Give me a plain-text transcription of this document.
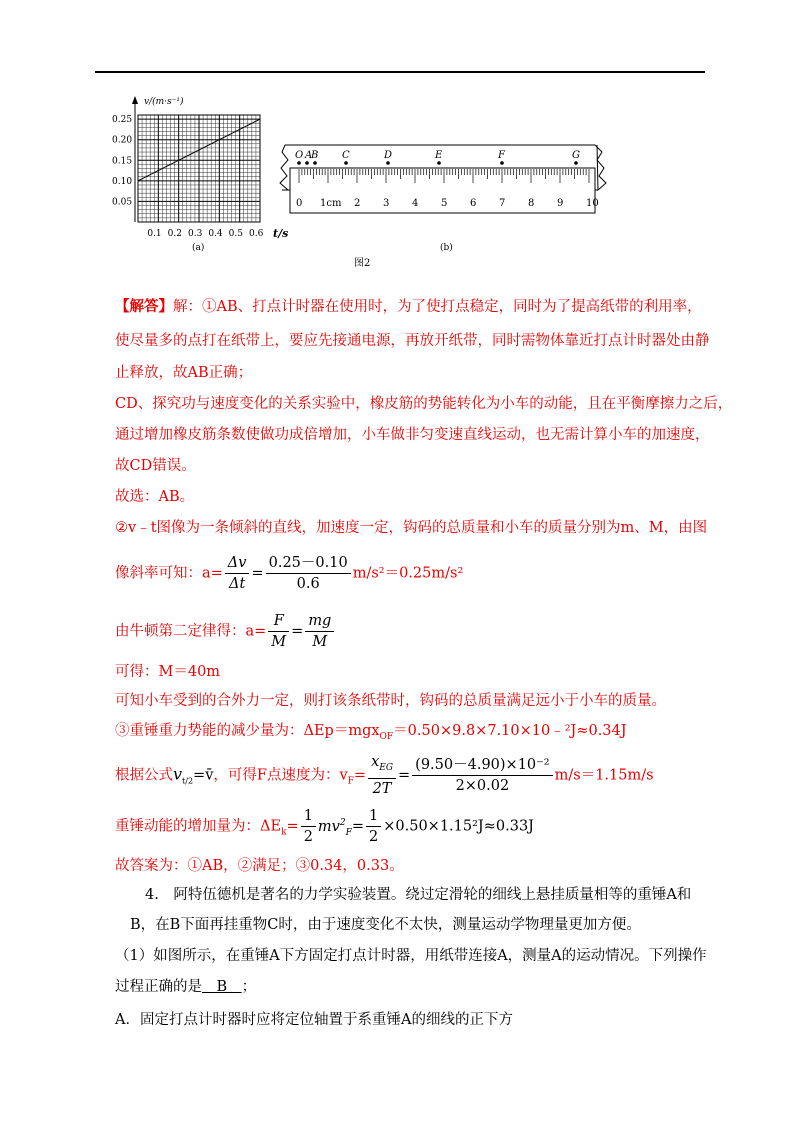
0.25
0.20
0.15
0.10
0.05
0.1 0.2 0.3 0.4 0.5 0.6
v/(m·s⁻¹)
t/s
(a)
0 1cm 2 3 4 5 6 7 8 9 10
O A
B C	D	E	F	G
(b)
图2
【解答】解：①AB、打点计时器在使用时，为了使打点稳定，同时为了提高纸带的利用率，
使尽量多的点打在纸带上，要应先接通电源，再放开纸带，同时需物体靠近打点计时器处由静
止释放，故AB正确；
CD、探究功与速度变化的关系实验中，橡皮筋的势能转化为小车的动能，且在平衡摩擦力之后，
通过增加橡皮筋条数使做功成倍增加，小车做非匀变速直线运动，也无需计算小车的加速度，
故CD错误。
故选：AB。
②v﹣t图像为一条倾斜的直线，加速度一定，钩码的总质量和小车的质量分别为m、M，由图
像斜率可知：$a= \frac{\Delta v}{\Delta t} = \frac{0.25-0.10}{0.6} m/s^2=0.25m/s^2$
由牛顿第二定律得：$a= \frac{F}{M} = \frac{mg}{M}$
可得：M＝40m
可知小车受到的合外力一定，则打该条纸带时，钩码的总质量满足远小于小车的质量。
③重锤重力势能的减少量为：ΔEp＝mgx$_{OF}$＝0.50×9.8×7.10×10﹣²J≈0.34J
根据公式$v_{t/2}=v̄$，可得F点速度为：$v_F= \frac{x_{EG}}{2T} = \frac{\text{(9.50－4.90)×10⁻²}}{2\times 0.02} m/s=1.15m/s$
重锤动能的增加量为：$\Delta E_k= \frac{1}{2} mv^2_F= \frac{1}{2} \times 0.50\times 1.15^2J\approx 0.33J$
故答案为：①AB，②满足；③0.34，0.33。
4.　阿特伍德机是著名的力学实验装置。绕过定滑轮的细线上悬挂质量相等的重锤A和
B，在B下面再挂重物C时，由于速度变化不太快，测量运动学物理量更加方便。
（1）如图所示，在重锤A下方固定打点计时器，用纸带连接A，测量A的运动情况。下列操作
过程正确的是　B　；
A．固定打点计时器时应将定位轴置于系重锤A的细线的正下方
